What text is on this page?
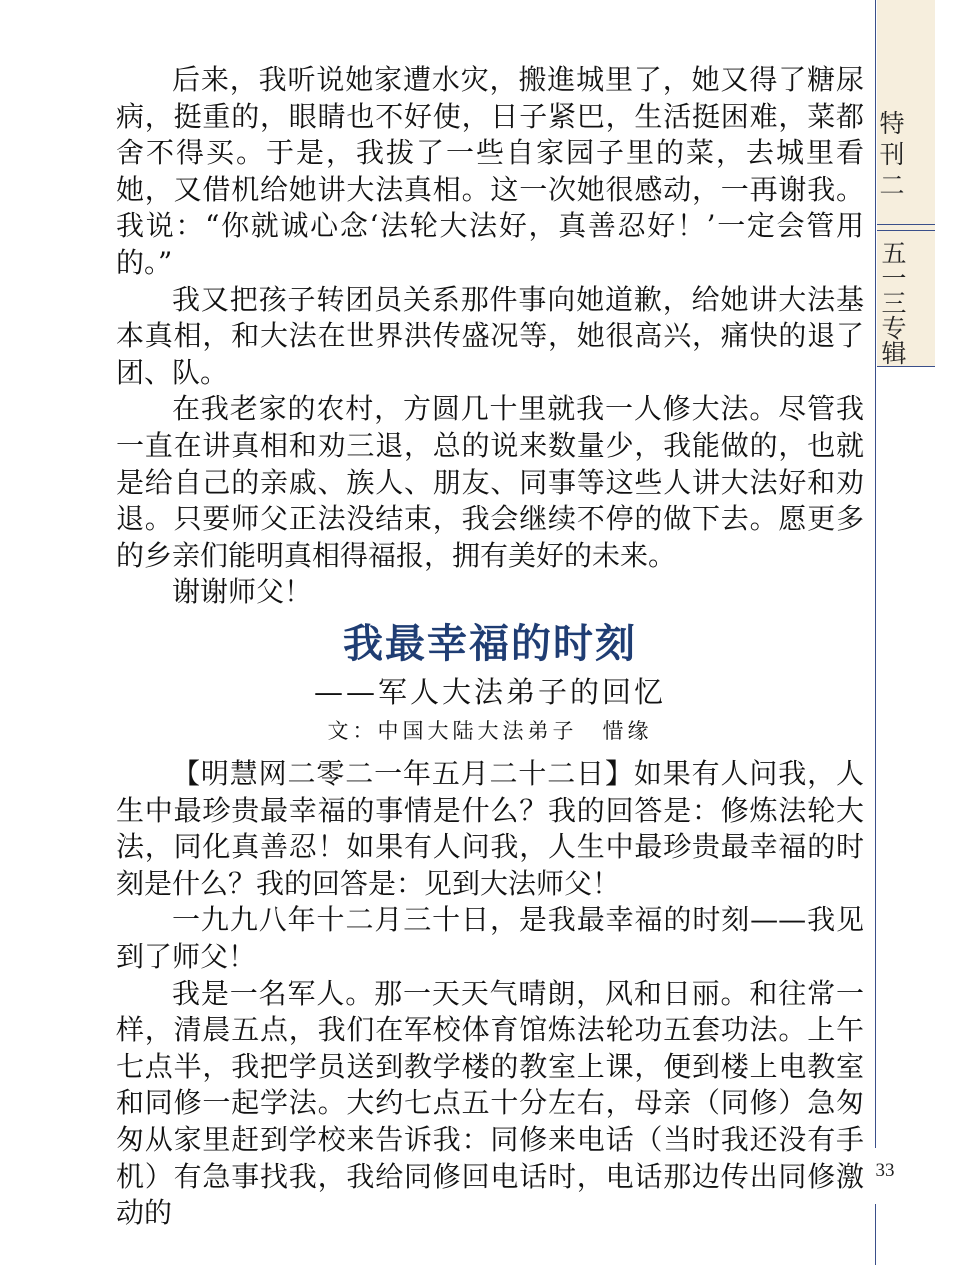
特刊二
五一三专辑
33

后来，我听说她家遭水灾，搬進城里了，她又得了糖尿病，挺重的，眼睛也不好使，日子紧巴，生活挺困难，菜都舍不得买。于是，我拔了一些自家园子里的菜，去城里看她，又借机给她讲大法真相。这一次她很感动，一再谢我。我说：“你就诚心念‘法轮大法好，真善忍好！’一定会管用的。”

我又把孩子转团员关系那件事向她道歉，给她讲大法基本真相，和大法在世界洪传盛况等，她很高兴，痛快的退了团、队。

在我老家的农村，方圆几十里就我一人修大法。尽管我一直在讲真相和劝三退，总的说来数量少，我能做的，也就是给自己的亲戚、族人、朋友、同事等这些人讲大法好和劝退。只要师父正法没结束，我会继续不停的做下去。愿更多的乡亲们能明真相得福报，拥有美好的未来。

谢谢师父！

我最幸福的时刻
——军人大法弟子的回忆
文：中国大陆大法弟子　惜缘

【明慧网二零二一年五月二十二日】如果有人问我，人生中最珍贵最幸福的事情是什么？我的回答是：修炼法轮大法，同化真善忍！如果有人问我，人生中最珍贵最幸福的时刻是什么？我的回答是：见到大法师父！

一九九八年十二月三十日，是我最幸福的时刻——我见到了师父！

我是一名军人。那一天天气晴朗，风和日丽。和往常一样，清晨五点，我们在军校体育馆炼法轮功五套功法。上午七点半，我把学员送到教学楼的教室上课，便到楼上电教室和同修一起学法。大约七点五十分左右，母亲（同修）急匆匆从家里赶到学校来告诉我：同修来电话（当时我还没有手机）有急事找我，我给同修回电话时，电话那边传出同修激动的
